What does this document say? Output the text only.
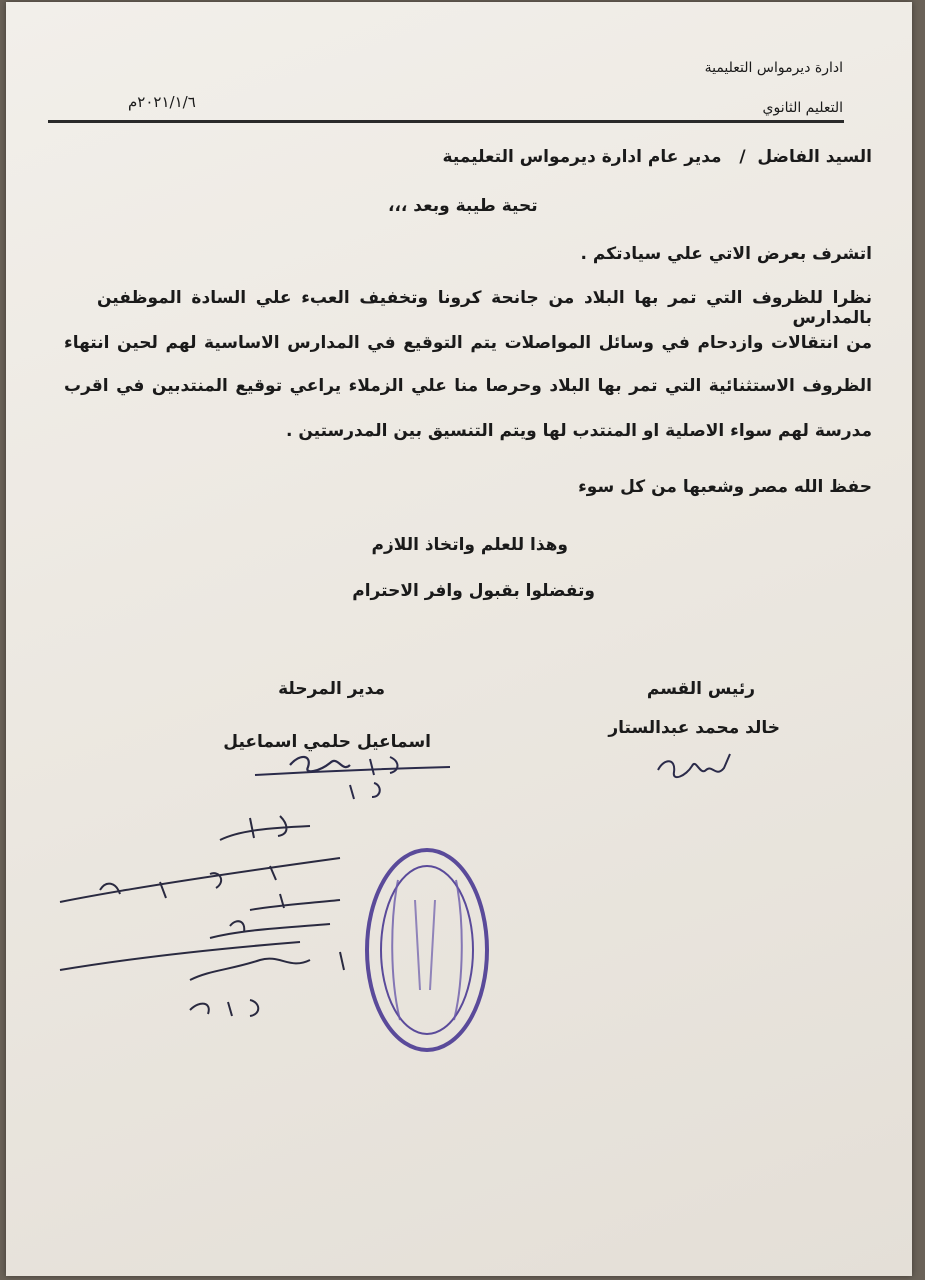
ادارة ديرمواس التعليمية
التعليم الثانوي
٢٠٢١/١/٦م
السيد الفاضل  /   مدير عام ادارة ديرمواس التعليمية
تحية طيبة وبعد ،،،
اتشرف بعرض الاتي علي سيادتكم .
نظرا للظروف التي تمر بها البلاد من جانحة كرونا وتخفيف العبء علي السادة الموظفين بالمدارس
من انتقالات وازدحام في وسائل المواصلات يتم التوقيع في المدارس الاساسية لهم لحين انتهاء
الظروف الاستثنائية التي تمر بها البلاد وحرصا منا علي الزملاء يراعي توقيع المنتدبين في اقرب
مدرسة لهم سواء الاصلية او المنتدب لها ويتم التنسيق بين المدرستين .
حفظ الله مصر وشعبها من كل سوء
وهذا للعلم واتخاذ اللازم
وتفضلوا بقبول وافر الاحترام
مدير المرحلة
اسماعيل حلمي اسماعيل
رئيس القسم
خالد محمد عبدالستار
